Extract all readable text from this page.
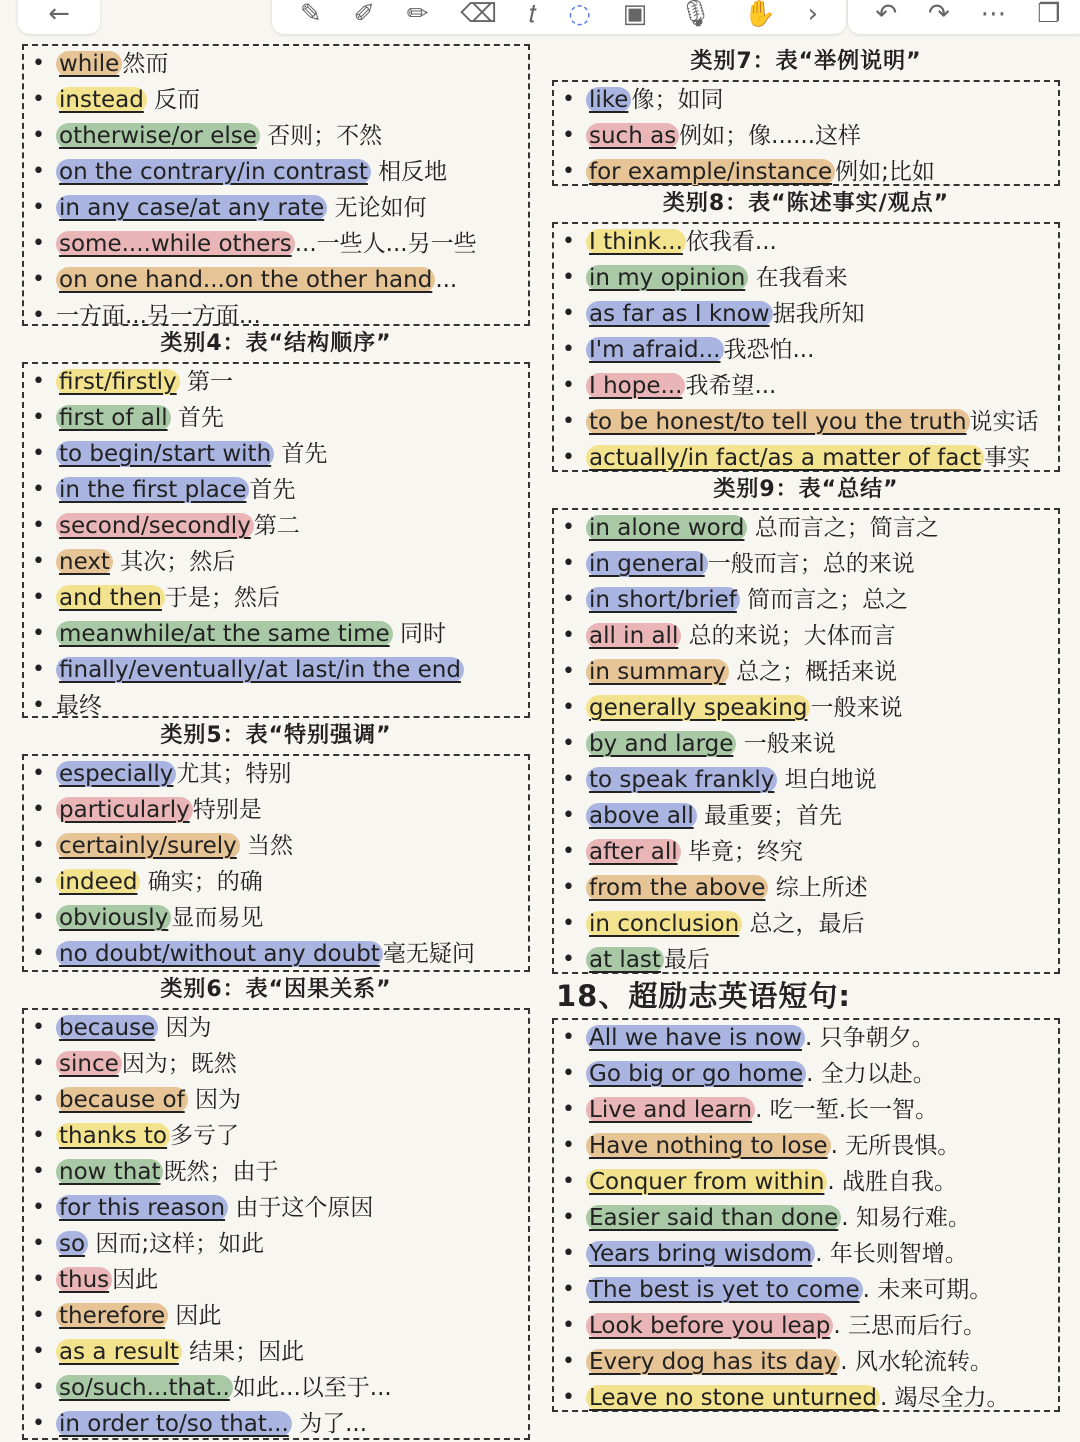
←	✎ ✐ ✏ ⌫ 𝑡 ◌ ▣ 🎙 ✋ › ↶ ↷ ⋯ ❐
• while 然而
• instead 反而
• otherwise/or else 否则；不然
• on the contrary/in contrast 相反地
• in any case/at any rate 无论如何
• some....while others ...一些人...另一些
• on one hand...on the other hand ...
• 一方面...另一方面...
类别4：表“结构顺序”
• first/firstly 第一
• first of all 首先
• to begin/start with 首先
• in the first place 首先
• second/secondly 第二
• next 其次；然后
• and then 于是；然后
• meanwhile/at the same time 同时
• finally/eventually/at last/in the end
• 最终
类别5：表“特别强调”
• especially 尤其；特别
• particularly 特别是
• certainly/surely 当然
• indeed 确实；的确
• obviously 显而易见
• no doubt/without any doubt 毫无疑问
类别6：表“因果关系”
• because 因为
• since 因为；既然
• because of 因为
• thanks to 多亏了
• now that 既然；由于
• for this reason 由于这个原因
• so 因而;这样；如此
• thus 因此
• therefore 因此
• as a result 结果；因此
• so/such...that.. 如此...以至于...
• in order to/so that... 为了...
类别7：表“举例说明”
• like 像；如同
• such as 例如；像......这样
• for example/instance 例如;比如
类别8：表“陈述事实/观点”
• I think... 依我看...
• in my opinion 在我看来
• as far as I know 据我所知
• I'm afraid... 我恐怕...
• I hope... 我希望...
• to be honest/to tell you the truth 说实话
• actually/in fact/as a matter of fact 事实
类别9：表“总结”
• in alone word 总而言之；简言之
• in general 一般而言；总的来说
• in short/brief 简而言之；总之
• all in all 总的来说；大体而言
• in summary 总之；概括来说
• generally speaking 一般来说
• by and large 一般来说
• to speak frankly 坦白地说
• above all 最重要；首先
• after all 毕竟；终究
• from the above 综上所述
• in conclusion 总之，最后
• at last 最后
18、超励志英语短句:
• All we have is now . 只争朝夕。
• Go big or go home . 全力以赴。
• Live and learn . 吃一堑.长一智。
• Have nothing to lose . 无所畏惧。
• Conquer from within . 战胜自我。
• Easier said than done . 知易行难。
• Years bring wisdom . 年长则智增。
• The best is yet to come . 未来可期。
• Look before you leap . 三思而后行。
• Every dog has its day . 风水轮流转。
• Leave no stone unturned . 竭尽全力。
